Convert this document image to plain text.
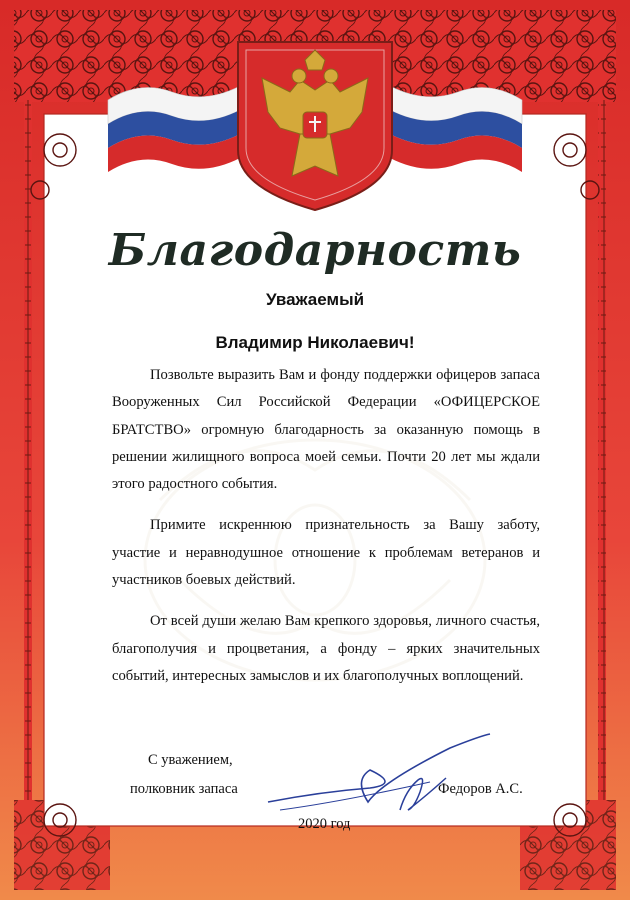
Благодарность
Уважаемый
Владимир Николаевич!

Позвольте выразить Вам и фонду поддержки офицеров запаса Вооруженных Сил Российской Федерации «ОФИЦЕРСКОЕ БРАТСТВО» огромную благодарность за оказанную помощь в решении жилищного вопроса моей семьи. Почти 20 лет мы ждали этого радостного события.

Примите искреннюю признательность за Вашу заботу, участие и неравнодушное отношение к проблемам ветеранов и участников боевых действий.

От всей души желаю Вам крепкого здоровья, личного счастья, благополучия и процветания, а фонду – ярких значительных событий, интересных замыслов и их благополучных воплощений.

С уважением,
полковник запаса	Федоров А.С.
2020 год
